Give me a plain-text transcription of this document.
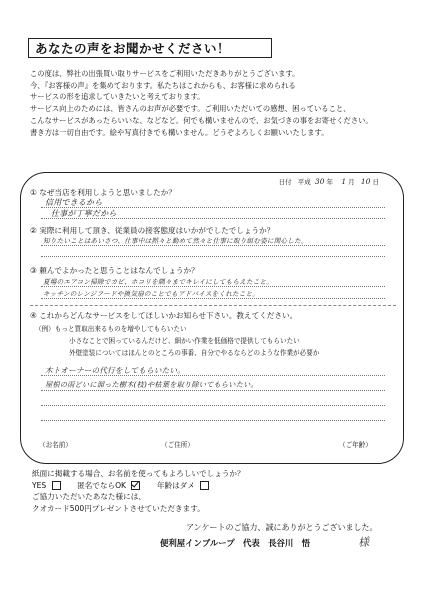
あなたの声をお聞かせください！
この度は、弊社の出張買い取りサービスをご利用いただきありがとうございます。
今、『お客様の声』を集めております。私たちはこれからも、お客様に求められる
サービスの形を追求していきたいと考えております。
サービス向上のためには、皆さんのお声が必要です。ご利用いただいての感想、困っていること、
こんなサービスがあったらいいな、などなど。何でも構いませんので、お気づきの事をお寄せください。
書き方は一切自由です。絵や写真付きでも構いません。どうぞよろしくお願いいたします。
日付 平成 30 年 1 月 10 日
① なぜ当店を利用しようと思いましたか？
信用できるから
仕事が丁寧だから
② 実際に利用して頂き、従業員の接客態度はいかがでしたでしょうか？
知りたいことはあいさつ、仕事中は黙々と勤めて然々と仕事に取り組む姿に関心した。
③ 頼んでよかったと思うことはなんでしょうか？
夏場のエアコン掃除でカビ、ホコリを隅々までキレイにしてもらえたこと。
キッチンのレンジフードや換気扇のことでもアドバイスをくれたこと。
④ これからどんなサービスをしてほしいかお知らせ下さい。教えてください。
（例）もっと買取出来るものを増やしてもらいたい
小さなことで困っているんだけど、細かい作業を低価格で提供してもらいたい
外壁塗装についてはほんとのところの事番、自分でやるならどのような作業が必要か
木トオーナーの代行をしてもらいたい。
屋根の雨どいに溜った樹木(枝)や枯葉を取り除いてもらいたい。
（お名前）	（ご住所）	（ご年齢）
紙面に掲載する場合、お名前を使ってもよろしいでしょうか？
YES	匿名でならOK	年齢はダメ
ご協力いただいたあなた様には、
クオカード500円プレゼントさせていただきます。
アンケートのご協力、誠にありがとうございました。
便利屋インブループ　代表　長谷川　悟	様
